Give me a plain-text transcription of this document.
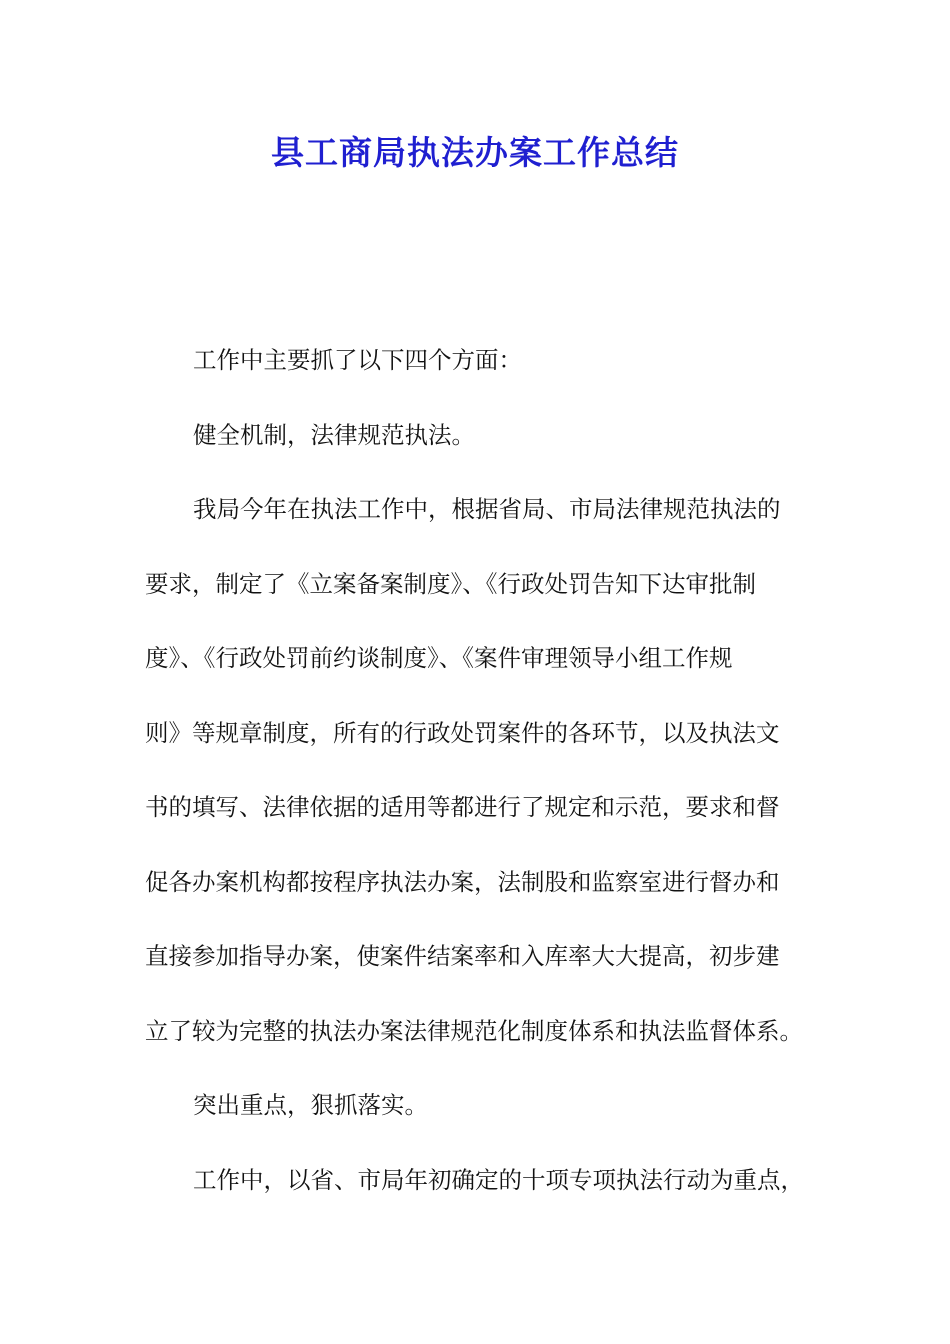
县工商局执法办案工作总结
工作中主要抓了以下四个方面：
健全机制，法律规范执法。
我局今年在执法工作中，根据省局、市局法律规范执法的
要求，制定了《立案备案制度》、《行政处罚告知下达审批制
度》、《行政处罚前约谈制度》、《案件审理领导小组工作规
则》等规章制度，所有的行政处罚案件的各环节，以及执法文
书的填写、法律依据的适用等都进行了规定和示范，要求和督
促各办案机构都按程序执法办案，法制股和监察室进行督办和
直接参加指导办案，使案件结案率和入库率大大提高，初步建
立了较为完整的执法办案法律规范化制度体系和执法监督体系。
突出重点，狠抓落实。
工作中，以省、市局年初确定的十项专项执法行动为重点，
